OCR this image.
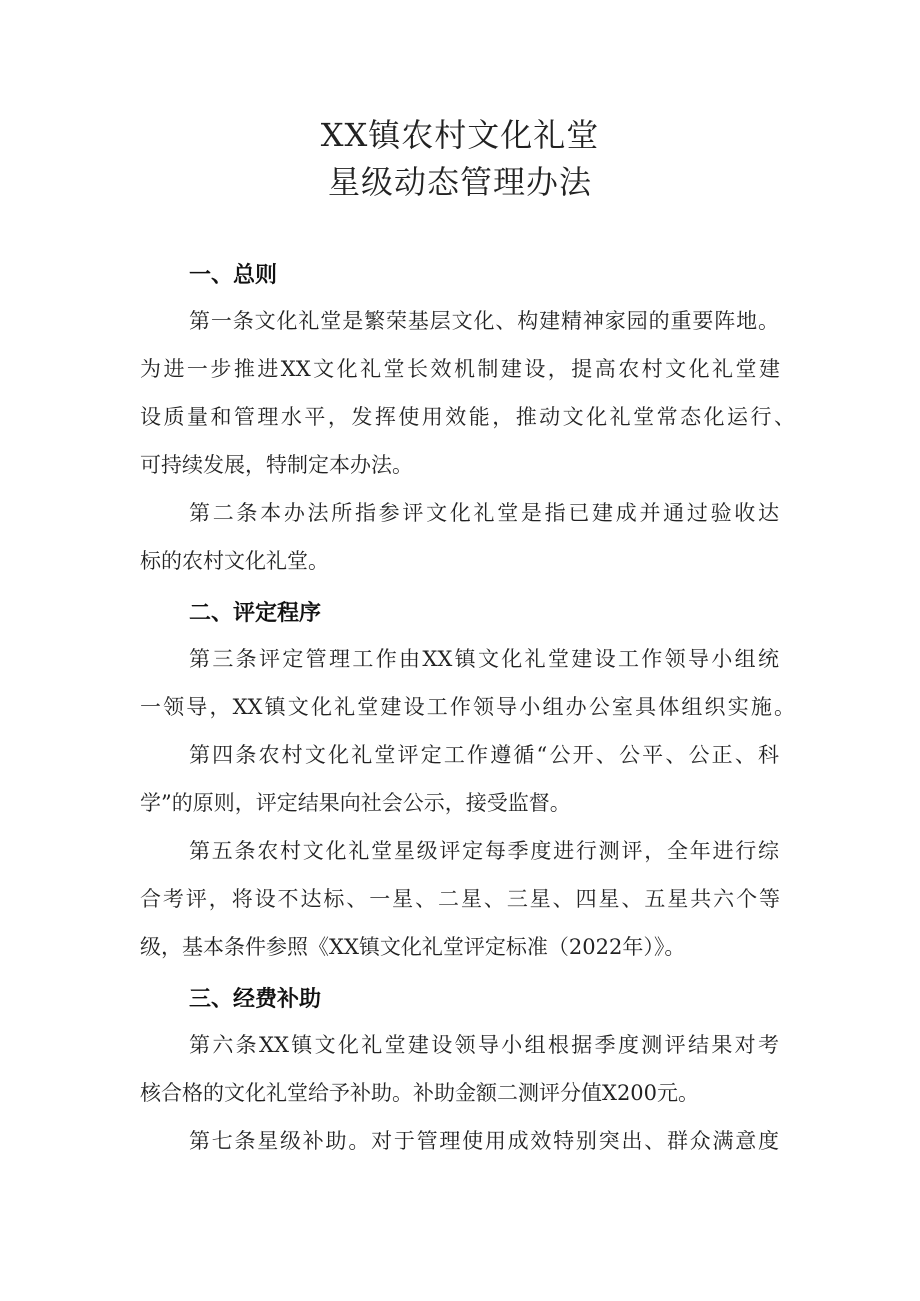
XX镇农村文化礼堂
星级动态管理办法
一、总则
第一条文化礼堂是繁荣基层文化、构建精神家园的重要阵地。
为进一步推进XX文化礼堂长效机制建设，提高农村文化礼堂建
设质量和管理水平，发挥使用效能，推动文化礼堂常态化运行、
可持续发展，特制定本办法。
第二条本办法所指参评文化礼堂是指已建成并通过验收达
标的农村文化礼堂。
二、评定程序
第三条评定管理工作由XX镇文化礼堂建设工作领导小组统
一领导，XX镇文化礼堂建设工作领导小组办公室具体组织实施。
第四条农村文化礼堂评定工作遵循“公开、公平、公正、科
学”的原则，评定结果向社会公示，接受监督。
第五条农村文化礼堂星级评定每季度进行测评，全年进行综
合考评，将设不达标、一星、二星、三星、四星、五星共六个等
级，基本条件参照《XX镇文化礼堂评定标准（2022年）》。
三、经费补助
第六条XX镇文化礼堂建设领导小组根据季度测评结果对考
核合格的文化礼堂给予补助。补助金额二测评分值X200元。
第七条星级补助。对于管理使用成效特别突出、群众满意度
